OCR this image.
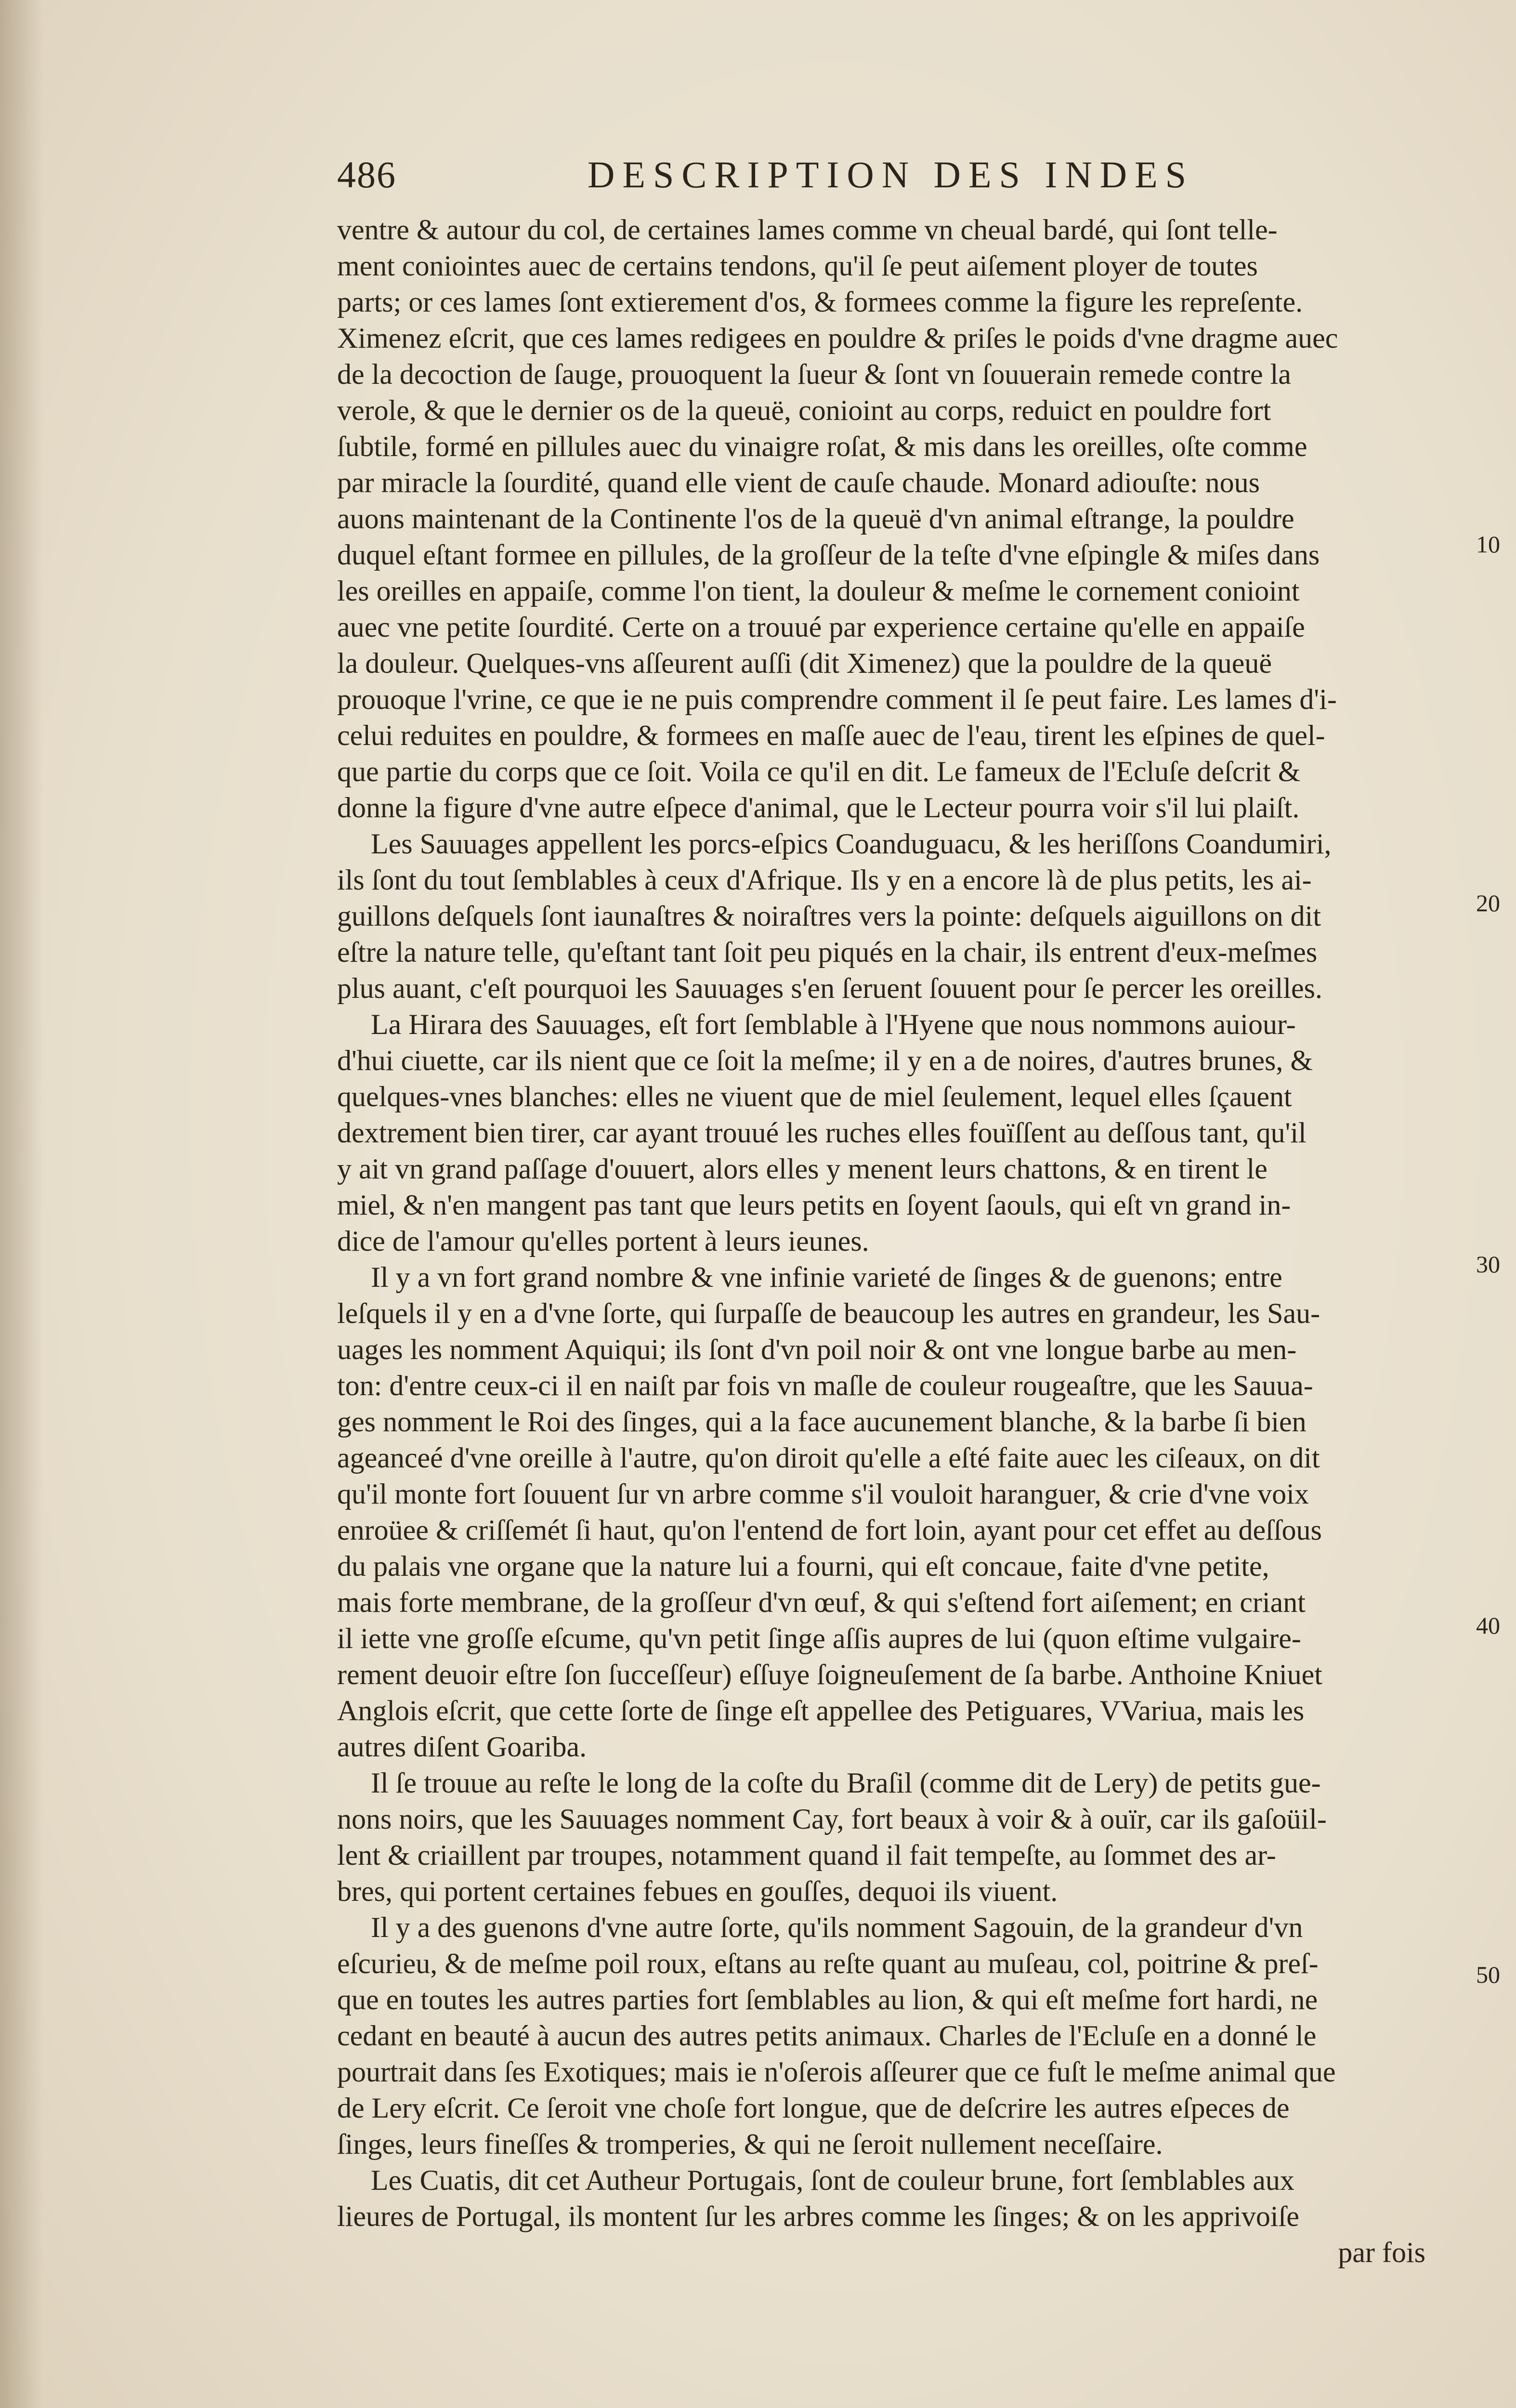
486	DESCRIPTION DES INDES
ventre & autour du col, de certaines lames comme vn cheual bardé, qui ſont telle-
ment coniointes auec de certains tendons, qu'il ſe peut aiſement ployer de toutes
parts; or ces lames ſont extierement d'os, & formees comme la figure les repreſente.
Ximenez eſcrit, que ces lames redigees en pouldre & priſes le poids d'vne dragme auec
de la decoction de ſauge, prouoquent la ſueur & ſont vn ſouuerain remede contre la
verole, & que le dernier os de la queuë, conioint au corps, reduict en pouldre fort
ſubtile, formé en pillules auec du vinaigre roſat, & mis dans les oreilles, oſte comme
par miracle la ſourdité, quand elle vient de cauſe chaude. Monard adiouſte: nous
auons maintenant de la Continente l'os de la queuë d'vn animal eſtrange, la pouldre
duquel eſtant formee en pillules, de la groſſeur de la teſte d'vne eſpingle & miſes dans
les oreilles en appaiſe, comme l'on tient, la douleur & meſme le cornement conioint
auec vne petite ſourdité. Certe on a trouué par experience certaine qu'elle en appaiſe
la douleur. Quelques-vns aſſeurent auſſi (dit Ximenez) que la pouldre de la queuë
prouoque l'vrine, ce que ie ne puis comprendre comment il ſe peut faire. Les lames d'i-
celui reduites en pouldre, & formees en maſſe auec de l'eau, tirent les eſpines de quel-
que partie du corps que ce ſoit. Voila ce qu'il en dit. Le fameux de l'Ecluſe deſcrit &
donne la figure d'vne autre eſpece d'animal, que le Lecteur pourra voir s'il lui plaiſt.
Les Sauuages appellent les porcs-eſpics Coanduguacu, & les heriſſons Coandumiri,
ils ſont du tout ſemblables à ceux d'Afrique. Ils y en a encore là de plus petits, les ai-
guillons deſquels ſont iaunaſtres & noiraſtres vers la pointe: deſquels aiguillons on dit
eſtre la nature telle, qu'eſtant tant ſoit peu piqués en la chair, ils entrent d'eux-meſmes
plus auant, c'eſt pourquoi les Sauuages s'en ſeruent ſouuent pour ſe percer les oreilles.
La Hirara des Sauuages, eſt fort ſemblable à l'Hyene que nous nommons auiour-
d'hui ciuette, car ils nient que ce ſoit la meſme; il y en a de noires, d'autres brunes, &
quelques-vnes blanches: elles ne viuent que de miel ſeulement, lequel elles ſçauent
dextrement bien tirer, car ayant trouué les ruches elles fouïſſent au deſſous tant, qu'il
y ait vn grand paſſage d'ouuert, alors elles y menent leurs chattons, & en tirent le
miel, & n'en mangent pas tant que leurs petits en ſoyent ſaouls, qui eſt vn grand in-
dice de l'amour qu'elles portent à leurs ieunes.
Il y a vn fort grand nombre & vne infinie varieté de ſinges & de guenons; entre
leſquels il y en a d'vne ſorte, qui ſurpaſſe de beaucoup les autres en grandeur, les Sau-
uages les nomment Aquiqui; ils ſont d'vn poil noir & ont vne longue barbe au men-
ton: d'entre ceux-ci il en naiſt par fois vn maſle de couleur rougeaſtre, que les Sauua-
ges nomment le Roi des ſinges, qui a la face aucunement blanche, & la barbe ſi bien
ageanceé d'vne oreille à l'autre, qu'on diroit qu'elle a eſté faite auec les ciſeaux, on dit
qu'il monte fort ſouuent ſur vn arbre comme s'il vouloit haranguer, & crie d'vne voix
enroüee & criſſemét ſi haut, qu'on l'entend de fort loin, ayant pour cet effet au deſſous
du palais vne organe que la nature lui a fourni, qui eſt concaue, faite d'vne petite,
mais forte membrane, de la groſſeur d'vn œuf, & qui s'eſtend fort aiſement; en criant
il iette vne groſſe eſcume, qu'vn petit ſinge aſſis aupres de lui (quon eſtime vulgaire-
rement deuoir eſtre ſon ſucceſſeur) eſſuye ſoigneuſement de ſa barbe. Anthoine Kniuet
Anglois eſcrit, que cette ſorte de ſinge eſt appellee des Petiguares, VVariua, mais les
autres diſent Goariba.
Il ſe trouue au reſte le long de la coſte du Braſil (comme dit de Lery) de petits gue-
nons noirs, que les Sauuages nomment Cay, fort beaux à voir & à ouïr, car ils gaſoüil-
lent & criaillent par troupes, notamment quand il fait tempeſte, au ſommet des ar-
bres, qui portent certaines febues en gouſſes, dequoi ils viuent.
Il y a des guenons d'vne autre ſorte, qu'ils nomment Sagouin, de la grandeur d'vn
eſcurieu, & de meſme poil roux, eſtans au reſte quant au muſeau, col, poitrine & preſ-
que en toutes les autres parties fort ſemblables au lion, & qui eſt meſme fort hardi, ne
cedant en beauté à aucun des autres petits animaux. Charles de l'Ecluſe en a donné le
pourtrait dans ſes Exotiques; mais ie n'oſerois aſſeurer que ce fuſt le meſme animal que
de Lery eſcrit. Ce ſeroit vne choſe fort longue, que de deſcrire les autres eſpeces de
ſinges, leurs fineſſes & tromperies, & qui ne ſeroit nullement neceſſaire.
Les Cuatis, dit cet Autheur Portugais, ſont de couleur brune, fort ſemblables aux
lieures de Portugal, ils montent ſur les arbres comme les ſinges; & on les apprivoiſe
par fois
10
20
30
40
50
